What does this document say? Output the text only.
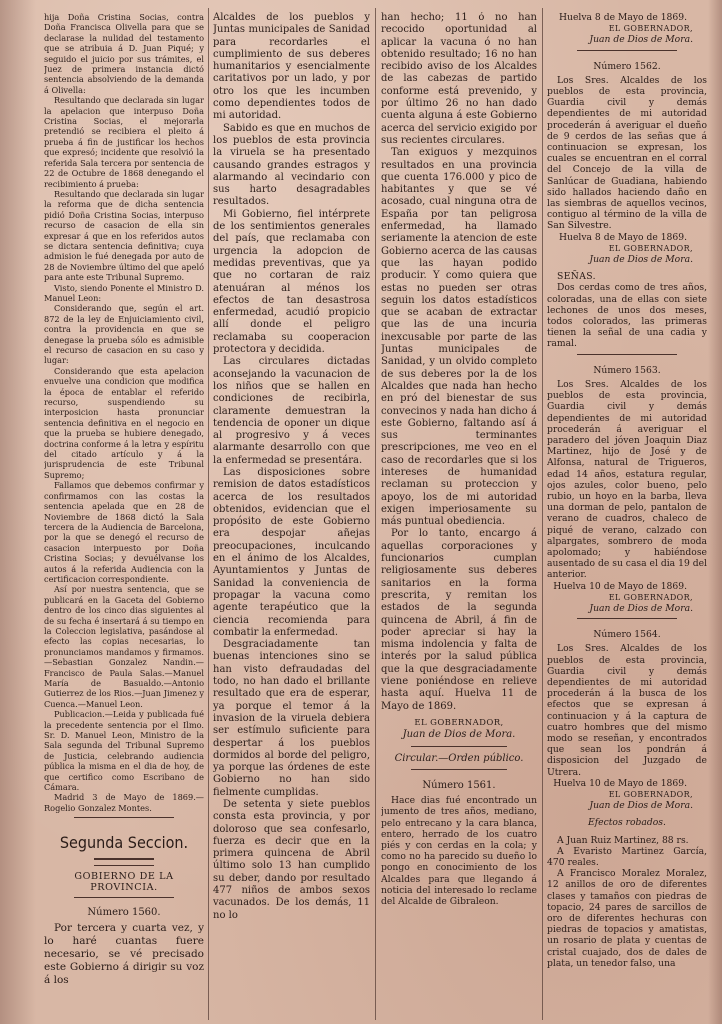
hija Doña Cristina Socias, contra Doña Francisca Olivella para que se declarase la nulidad del testamento que se atribuia á D. Juan Piqué; y seguido el juicio por sus trámites, el Juez de primera instancia dictó sentencia absolviendo de la demanda á Olivella:

Resultando que declarada sin lugar la apelacion que interpuso Doña Cristina Socias, el mejorarla pretendió se recibiera el pleito á prueba á fin de justificar los hechos que expresó; incidente que resolvió la referida Sala tercera por sentencia de 22 de Octubre de 1868 denegando el recibimiento á prueba:

Resultando que declarada sin lugar la reforma que de dicha sentencia pidió Doña Cristina Socias, interpuso recurso de casacion de ella sin expresar á que en los referidos autos se dictara sentencia definitiva; cuya admision le fué denegada por auto de 28 de Noviembre último del que apeló para ante este Tribunal Supremo.

Visto, siendo Ponente el Ministro D. Manuel Leon:

Considerando que, según el art. 872 de la ley de Enjuiciamiento civil, contra la providencia en que se denegase la prueba sólo es admisible el recurso de casacion en su caso y lugar:

Considerando que esta apelacion envuelve una condicion que modifica la época de entablar el referido recurso, suspendiendo su interposicion hasta pronunciar sentencia definitiva en el negocio en que la prueba se hubiere denegado, doctrina conforme á la letra y espíritu del citado artículo y á la jurisprudencia de este Tribunal Supremo;

Fallamos que debemos confirmar y confirmamos con las costas la sentencia apelada que en 28 de Noviembre de 1868 dictó la Sala tercera de la Audiencia de Barcelona, por la que se denegó el recurso de casacion interpuesto por Doña Cristina Socias; y devuélvanse los autos á la referida Audiencia con la certificacion correspondiente.

Así por nuestra sentencia, que se publicará en la Gaceta del Gobierno dentro de los cinco dias siguientes al de su fecha é insertará á su tiempo en la Coleccion legislativa, pasándose al efecto las copias necesarias, lo pronunciamos mandamos y firmamos.—Sebastian Gonzalez Nandin.—Francisco de Paula Salas.—Manuel María de Basualdo.—Antonio Gutierrez de los Rios.—Juan Jimenez y Cuenca.—Manuel Leon.

Publicacion.—Leida y publicada fué la precedente sentencia por el Ilmo. Sr. D. Manuel Leon, Ministro de la Sala segunda del Tribunal Supremo de Justicia, celebrando audiencia pública la misma en el dia de hoy, de que certifico como Escribano de Cámara.

Madrid 3 de Mayo de 1869.—Rogelio Gonzalez Montes.

Segunda Seccion.
GOBIERNO DE LA PROVINCIA.
Número 1560.

Por tercera y cuarta vez, y lo haré cuantas fuere necesario, se vé precisado este Gobierno á dirigir su voz á los

Alcaldes de los pueblos y Juntas municipales de Sanidad para recordarles el cumplimiento de sus deberes humanitarios y esencialmente caritativos por un lado, y por otro los que les incumben como dependientes todos de mi autoridad.

Sabido es que en muchos de los pueblos de esta provincia la viruela se ha presentado causando grandes estragos y alarmando al vecindario con sus harto desagradables resultados.

Mi Gobierno, fiel intérprete de los sentimientos generales del país, que reclamaba con urgencia la adopcion de medidas preventivas, que ya que no cortaran de raiz atenuáran al ménos los efectos de tan desastrosa enfermedad, acudió propicio allí donde el peligro reclamaba su cooperacion protectora y decidida.

Las circulares dictadas aconsejando la vacunacion de los niños que se hallen en condiciones de recibirla, claramente demuestran la tendencia de oponer un dique al progresivo y á veces alarmante desarrollo con que la enfermedad se presentára.

Las disposiciones sobre remision de datos estadísticos acerca de los resultados obtenidos, evidencian que el propósito de este Gobierno era despojar añejas preocupaciones, inculcando en el ánimo de los Alcaldes, Ayuntamientos y Juntas de Sanidad la conveniencia de propagar la vacuna como agente terapéutico que la ciencia recomienda para combatir la enfermedad.

Desgraciadamente tan buenas intenciones sino se han visto defraudadas del todo, no han dado el brillante resultado que era de esperar, ya porque el temor á la invasion de la viruela debiera ser estímulo suficiente para despertar á los pueblos dormidos al borde del peligro, ya porque las órdenes de este Gobierno no han sido fielmente cumplidas.

De setenta y siete pueblos consta esta provincia, y por doloroso que sea confesarlo, fuerza es decir que en la primera quincena de Abril último solo 13 han cumplido su deber, dando por resultado 477 niños de ambos sexos vacunados. De los demás, 11 no lo

han hecho; 11 ó no han recocido oportunidad al aplicar la vacuna ó no han obtenido resultado; 16 no han recibido aviso de los Alcaldes de las cabezas de partido conforme está prevenido, y por último 26 no han dado cuenta alguna á este Gobierno acerca del servicio exigido por sus recientes circulares.

Tan exiguos y mezquinos resultados en una provincia que cuenta 176.000 y pico de habitantes y que se vé acosado, cual ninguna otra de España por tan peligrosa enfermedad, ha llamado seriamente la atencion de este Gobierno acerca de las causas que las hayan podido producir. Y como quiera que estas no pueden ser otras seguin los datos estadísticos que se acaban de extractar que las de una incuria inexcusable por parte de las Juntas municipales de Sanidad, y un olvido completo de sus deberes por la de los Alcaldes que nada han hecho en pró del bienestar de sus convecinos y nada han dicho á este Gobierno, faltando así á sus terminantes prescripciones, me veo en el caso de recordarles que si los intereses de humanidad reclaman su proteccion y apoyo, los de mi autoridad exigen imperiosamente su más puntual obediencia.

Por lo tanto, encargo á aquellas corporaciones y funcionarios cumplan religiosamente sus deberes sanitarios en la forma prescrita, y remitan los estados de la segunda quincena de Abril, á fin de poder apreciar si hay la misma indolencia y falta de interés por la salud pública que la que desgraciadamente viene poniéndose en relieve hasta aquí. Huelva 11 de Mayo de 1869.

EL GOBERNADOR,
Juan de Dios de Mora.
Circular.—Orden público.
Número 1561.

Hace dias fué encontrado un jumento de tres años, mediano, pelo entrecano y la cara blanca, entero, herrado de los cuatro piés y con cerdas en la cola; y como no ha parecido su dueño lo pongo en conocimiento de los Alcaldes para que llegando á noticia del interesado lo reclame del Alcalde de Gibraleon.

Huelva 8 de Mayo de 1869.
EL GOBERNADOR,
Juan de Dios de Mora.
Número 1562.

Los Sres. Alcaldes de los pueblos de esta provincia, Guardia civil y demás dependientes de mi autoridad procederán á averiguar el dueño de 9 cerdos de las señas que á continuacion se expresan, los cuales se encuentran en el corral del Concejo de la villa de Sanlúcar de Guadiana, habiendo sido hallados haciendo daño en las siembras de aquellos vecinos, contiguo al término de la villa de San Silvestre.

Huelva 8 de Mayo de 1869.
EL GOBERNADOR,
Juan de Dios de Mora.
SEÑAS.

Dos cerdas como de tres años, coloradas, una de ellas con siete lechones de unos dos meses, todos colorados, las primeras tienen la señal de una cadia y ramal.

Número 1563.

Los Sres. Alcaldes de los pueblos de esta provincia, Guardia civil y demás dependientes de mi autoridad procederán á averiguar el paradero del jóven Joaquin Diaz Martinez, hijo de José y de Alfonsa, natural de Trigueros, edad 14 años, estatura regular, ojos azules, color bueno, pelo rubio, un hoyo en la barba, lleva una dorman de pelo, pantalon de verano de cuadros, chaleco de piqué de verano, calzado con alpargates, sombrero de moda apolomado; y habiéndose ausentado de su casa el dia 19 del anterior.

Huelva 10 de Mayo de 1869.
EL GOBERNADOR,
Juan de Dios de Mora.
Número 1564.

Los Sres. Alcaldes de los pueblos de esta provincia, Guardia civil y demás dependientes de mi autoridad procederán á la busca de los efectos que se expresan á continuacion y á la captura de cuatro hombres que del mismo modo se reseñan, y encontrados que sean los pondrán á disposicion del Juzgado de Utrera.

Huelva 10 de Mayo de 1869.
EL GOBERNADOR,
Juan de Dios de Mora.
Efectos robados.

A Juan Ruiz Martinez, 88 rs.

A Evaristo Martinez García, 470 reales.

A Francisco Moralez Moralez, 12 anillos de oro de diferentes clases y tamaños con piedras de topacio, 24 pares de sarcillos de oro de diferentes hechuras con piedras de topacios y amatistas, un rosario de plata y cuentas de cristal cuajado, dos de dales de plata, un tenedor falso, una
